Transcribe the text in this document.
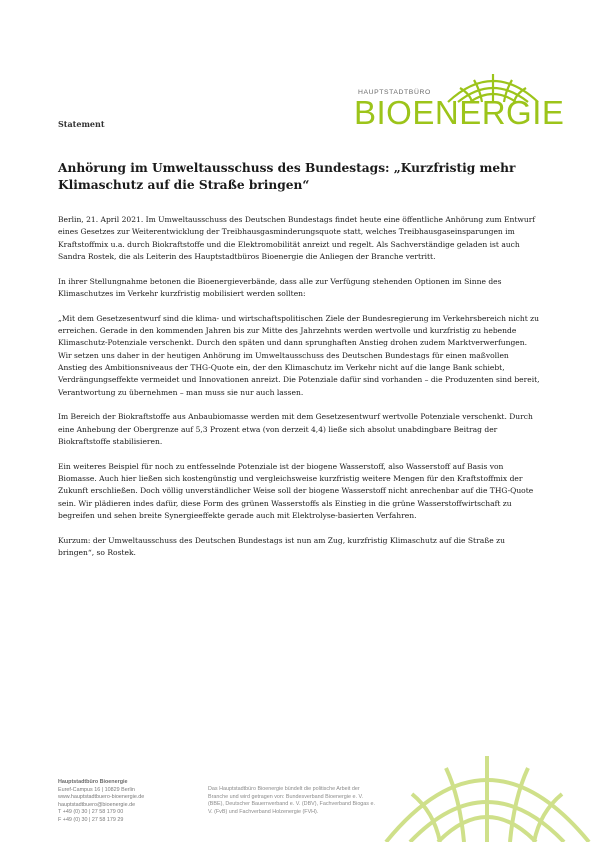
HAUPTSTADTBÜRO
BIOENERGIE
Statement
Anhörung im Umweltausschuss des Bundestags: „Kurzfristig mehr Klimaschutz auf die Straße bringen“

Berlin, 21. April 2021. Im Umweltausschuss des Deutschen Bundestags findet heute eine öffentliche Anhörung zum Entwurf eines Gesetzes zur Weiterentwicklung der Treibhausgasminderungsquote statt, welches Treibhausgaseinsparungen im Kraftstoffmix u.a. durch Biokraftstoffe und die Elektromobilität anreizt und regelt. Als Sachverständige geladen ist auch Sandra Rostek, die als Leiterin des Hauptstadtbüros Bioenergie die Anliegen der Branche vertritt.

In ihrer Stellungnahme betonen die Bioenergieverbände, dass alle zur Verfügung stehenden Optionen im Sinne des Klimaschutzes im Verkehr kurzfristig mobilisiert werden sollten:

„Mit dem Gesetzesentwurf sind die klima- und wirtschaftspolitischen Ziele der Bundesregierung im Verkehrsbereich nicht zu erreichen. Gerade in den kommenden Jahren bis zur Mitte des Jahrzehnts werden wertvolle und kurzfristig zu hebende Klimaschutz-Potenziale verschenkt. Durch den späten und dann sprunghaften Anstieg drohen zudem Marktverwerfungen. Wir setzen uns daher in der heutigen Anhörung im Umweltausschuss des Deutschen Bundestags für einen maßvollen Anstieg des Ambitionsniveaus der THG-Quote ein, der den Klimaschutz im Verkehr nicht auf die lange Bank schiebt, Verdrängungseffekte vermeidet und Innovationen anreizt. Die Potenziale dafür sind vorhanden – die Produzenten sind bereit, Verantwortung zu übernehmen – man muss sie nur auch lassen.

Im Bereich der Biokraftstoffe aus Anbaubiomasse werden mit dem Gesetzesentwurf wertvolle Potenziale verschenkt. Durch eine Anhebung der Obergrenze auf 5,3 Prozent etwa (von derzeit 4,4) ließe sich absolut unabdingbare Beitrag der Biokraftstoffe stabilisieren.

Ein weiteres Beispiel für noch zu entfesselnde Potenziale ist der biogene Wasserstoff, also Wasserstoff auf Basis von Biomasse. Auch hier ließen sich kostengünstig und vergleichsweise kurzfristig weitere Mengen für den Kraftstoffmix der Zukunft erschließen. Doch völlig unverständlicher Weise soll der biogene Wasserstoff nicht anrechenbar auf die THG-Quote sein. Wir plädieren indes dafür, diese Form des grünen Wasserstoffs als Einstieg in die grüne Wasserstoffwirtschaft zu begreifen und sehen breite Synergieeffekte gerade auch mit Elektrolyse-basierten Verfahren.

Kurzum: der Umweltausschuss des Deutschen Bundestags ist nun am Zug, kurzfristig Klimaschutz auf die Straße zu bringen“, so Rostek.

Hauptstadtbüro Bioenergie
Euref-Campus 16 | 10829 Berlin
www.hauptstadtbuero-bioenergie.de
hauptstadtbuero@bioenergie.de
T +49 (0) 30 | 27 58 179 00
F +49 (0) 30 | 27 58 179 29
Das Hauptstadtbüro Bioenergie bündelt die politische Arbeit der Branche und wird getragen von: Bundesverband Bioenergie e. V. (BBE), Deutscher Bauernverband e. V. (DBV), Fachverband Biogas e. V. (FvB) und Fachverband Holzenergie (FVH).
